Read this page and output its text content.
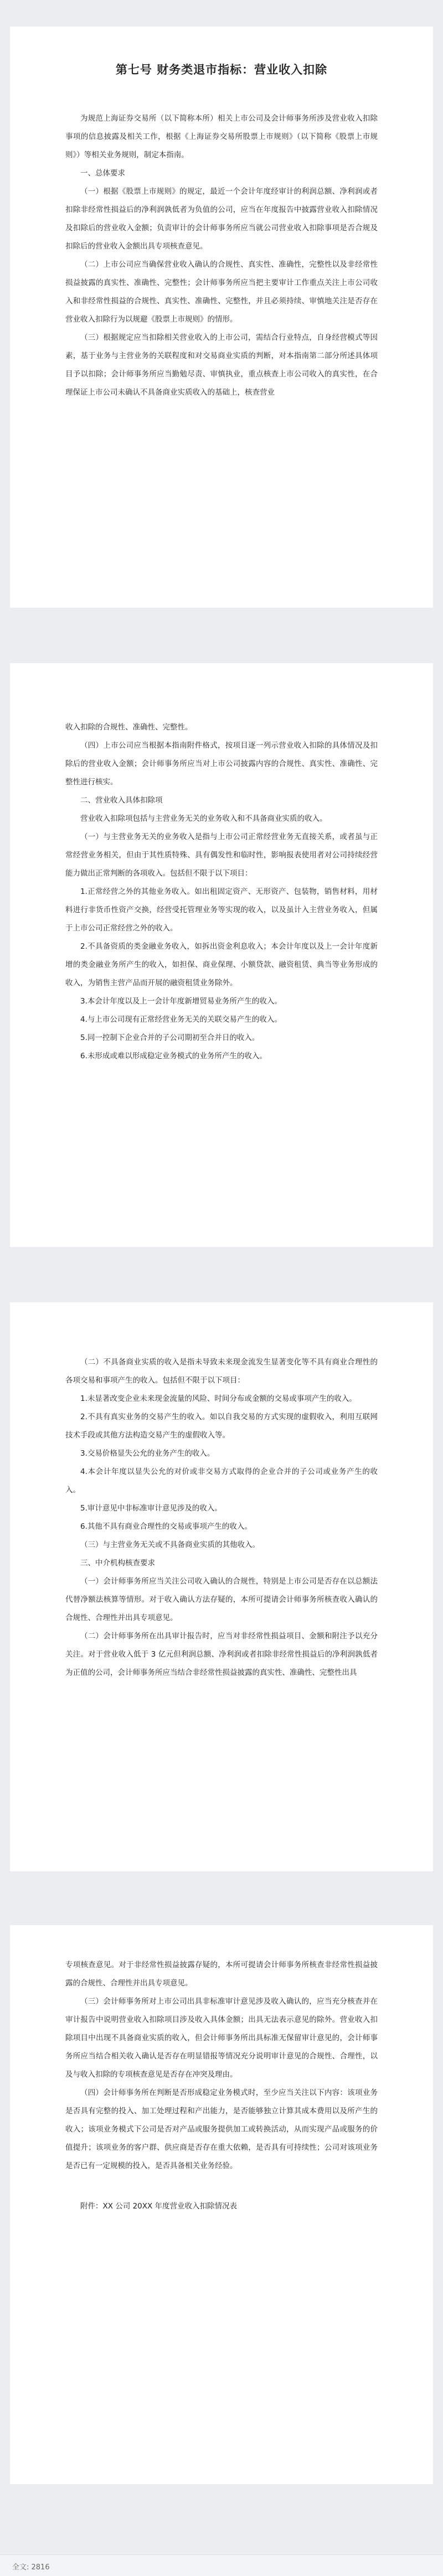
第七号 财务类退市指标：营业收入扣除

为规范上海证券交易所（以下简称本所）相关上市公司及会计师事务所涉及营业收入扣除事项的信息披露及相关工作，根据《上海证券交易所股票上市规则》（以下简称《股票上市规则》）等相关业务规则，制定本指南。

一、总体要求

（一）根据《股票上市规则》的规定，最近一个会计年度经审计的利润总额、净利润或者扣除非经常性损益后的净利润孰低者为负值的公司，应当在年度报告中披露营业收入扣除情况及扣除后的营业收入金额；负责审计的会计师事务所应当就公司营业收入扣除事项是否合规及扣除后的营业收入金额出具专项核查意见。

（二）上市公司应当确保营业收入确认的合规性、真实性、准确性，完整性以及非经常性损益披露的真实性、准确性、完整性；会计师事务所应当把主要审计工作重点关注上市公司收入和非经常性损益的合规性、真实性、准确性、完整性，并且必须持续、审慎地关注是否存在营业收入扣除行为以规避《股票上市规则》的情形。

（三）根据规定应当扣除相关营业收入的上市公司，需结合行业特点，自身经营模式等因素，基于业务与主营业务的关联程度和对交易商业实质的判断，对本指南第二部分所述具体项目予以扣除；会计师事务所应当勤勉尽责、审慎执业，重点核查上市公司收入的真实性，在合理保证上市公司未确认不具备商业实质收入的基础上，核查营业

收入扣除的合规性、准确性、完整性。

（四）上市公司应当根据本指南附件格式，按项目逐一列示营业收入扣除的具体情况及扣除后的营业收入金额；会计师事务所应当对上市公司披露内容的合规性、真实性、准确性、完整性进行核实。

二、营业收入具体扣除项

营业收入扣除项包括与主营业务无关的业务收入和不具备商业实质的收入。

（一）与主营业务无关的业务收入是指与上市公司正常经营业务无直接关系，或者虽与正常经营业务相关，但由于其性质特殊、具有偶发性和临时性，影响报表使用者对公司持续经营能力做出正常判断的各项收入。包括但不限于以下项目：

1.正常经营之外的其他业务收入。如出租固定资产、无形资产、包装物，销售材料，用材料进行非货币性资产交换，经营受托管理业务等实现的收入，以及虽计入主营业务收入，但属于上市公司正常经营之外的收入。

2.不具备资质的类金融业务收入，如拆出资金利息收入；本会计年度以及上一会计年度新增的类金融业务所产生的收入，如担保、商业保理、小额贷款、融资租赁、典当等业务形成的收入，为销售主营产品而开展的融资租赁业务除外。

3.本会计年度以及上一会计年度新增贸易业务所产生的收入。

4.与上市公司现有正常经营业务无关的关联交易产生的收入。

5.同一控制下企业合并的子公司期初至合并日的收入。

6.未形成或难以形成稳定业务模式的业务所产生的收入。

（二）不具备商业实质的收入是指未导致未来现金流发生显著变化等不具有商业合理性的各项交易和事项产生的收入。包括但不限于以下项目：

1.未显著改变企业未来现金流量的风险、时间分布或金额的交易或事项产生的收入。

2.不具有真实业务的交易产生的收入。如以自我交易的方式实现的虚假收入，利用互联网技术手段或其他方法构造交易产生的虚假收入等。

3.交易价格显失公允的业务产生的收入。

4.本会计年度以显失公允的对价或非交易方式取得的企业合并的子公司或业务产生的收入。

5.审计意见中非标准审计意见涉及的收入。

6.其他不具有商业合理性的交易或事项产生的收入。

（三）与主营业务无关或不具备商业实质的其他收入。

三、中介机构核查要求

（一）会计师事务所应当关注公司收入确认的合规性，特别是上市公司是否存在以总额法代替净额法核算等情形。对于收入确认方法存疑的，本所可提请会计师事务所核查收入确认的合规性、合理性并出具专项意见。

（二）会计师事务所在出具审计报告时，应当对非经常性损益项目、金额和附注予以充分关注。对于营业收入低于 3 亿元但利润总额、净利润或者扣除非经常性损益后的净利润孰低者为正值的公司，会计师事务所应当结合非经常性损益披露的真实性、准确性、完整性出具

专项核查意见。对于非经常性损益披露存疑的，本所可提请会计师事务所核查非经常性损益披露的合规性、合理性并出具专项意见。

（三）会计师事务所对上市公司出具非标准审计意见涉及收入确认的，应当充分核查并在审计报告中说明营业收入扣除项目涉及收入具体金额；出具无法表示意见的除外。营业收入扣除项目中出现不具备商业实质的收入，但会计师事务所出具标准无保留审计意见的，会计师事务所应当结合相关收入确认是否存在明显错报等情况充分说明审计意见的合规性、合理性，以及与收入扣除的专项核查意见是否存在冲突及理由。

（四）会计师事务所在判断是否形成稳定业务模式时，至少应当关注以下内容：该项业务是否具有完整的投入、加工处理过程和产出能力，是否能够独立计算其成本费用以及所产生的收入；该项业务模式下公司是否对产品或服务提供加工或转换活动，从而实现产品或服务的价值提升；该项业务的客户群、供应商是否存在重大依赖，是否具有可持续性；公司对该项业务是否已有一定规模的投入，是否具备相关业务经验。

附件：XX 公司 20XX 年度营业收入扣除情况表

全文: 2816
